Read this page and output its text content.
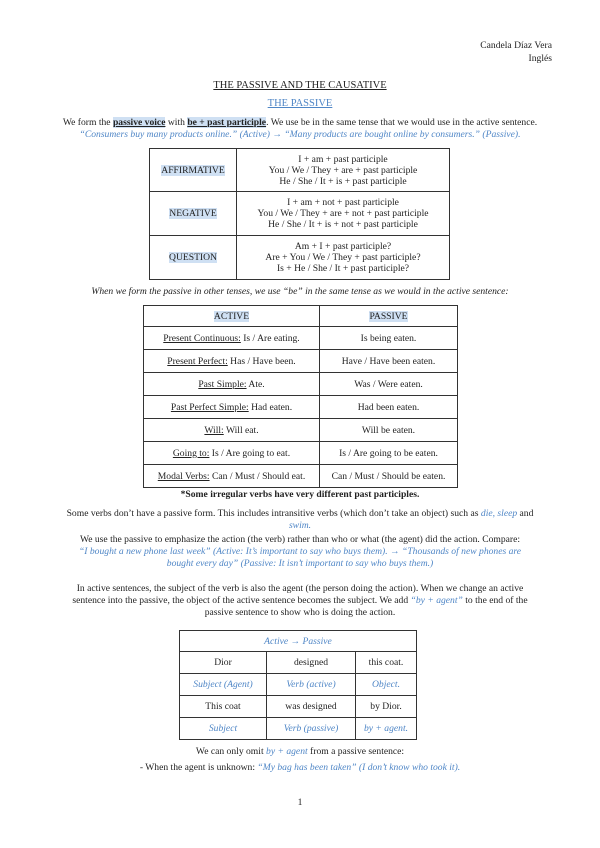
Candela Díaz Vera
Inglés
THE PASSIVE AND THE CAUSATIVE
THE PASSIVE
We form the passive voice with be + past participle. We use be in the same tense that we would use in the active sentence.
“Consumers buy many products online.” (Active) → “Many products are bought online by consumers.” (Passive).
AFFIRMATIVE	I + am + past participle
You / We / They + are + past participle
He / She / It + is + past participle

NEGATIVE	I + am + not + past participle
You / We / They + are + not + past participle
He / She / It + is + not + past participle

QUESTION	Am + I + past participle?
Are + You / We / They + past participle?
Is + He / She / It + past participle?
When we form the passive in other tenses, we use “be” in the same tense as we would in the active sentence:
ACTIVE	PASSIVE
Present Continuous: Is / Are eating.	Is being eaten.
Present Perfect: Has / Have been.	Have / Have been eaten.
Past Simple: Ate.	Was / Were eaten.
Past Perfect Simple: Had eaten.	Had been eaten.
Will: Will eat.	Will be eaten.
Going to: Is / Are going to eat.	Is / Are going to be eaten.
Modal Verbs: Can / Must / Should eat.	Can / Must / Should be eaten.
*Some irregular verbs have very different past participles.
Some verbs don’t have a passive form. This includes intransitive verbs (which don’t take an object) such as die, sleep and
swim.
We use the passive to emphasize the action (the verb) rather than who or what (the agent) did the action. Compare:
“I bought a new phone last week” (Active: It’s important to say who buys them). → “Thousands of new phones are
bought every day” (Passive: It isn’t important to say who buys them.)
In active sentences, the subject of the verb is also the agent (the person doing the action). When we change an active
sentence into the passive, the object of the active sentence becomes the subject. We add “by + agent” to the end of the
passive sentence to show who is doing the action.
Active → Passive		
Dior	designed	this coat.
Subject (Agent)	Verb (active)	Object.
This coat	was designed	by Dior.
Subject	Verb (passive)	by + agent.
We can only omit by + agent from a passive sentence:
- When the agent is unknown: “My bag has been taken” (I don’t know who took it).
1
